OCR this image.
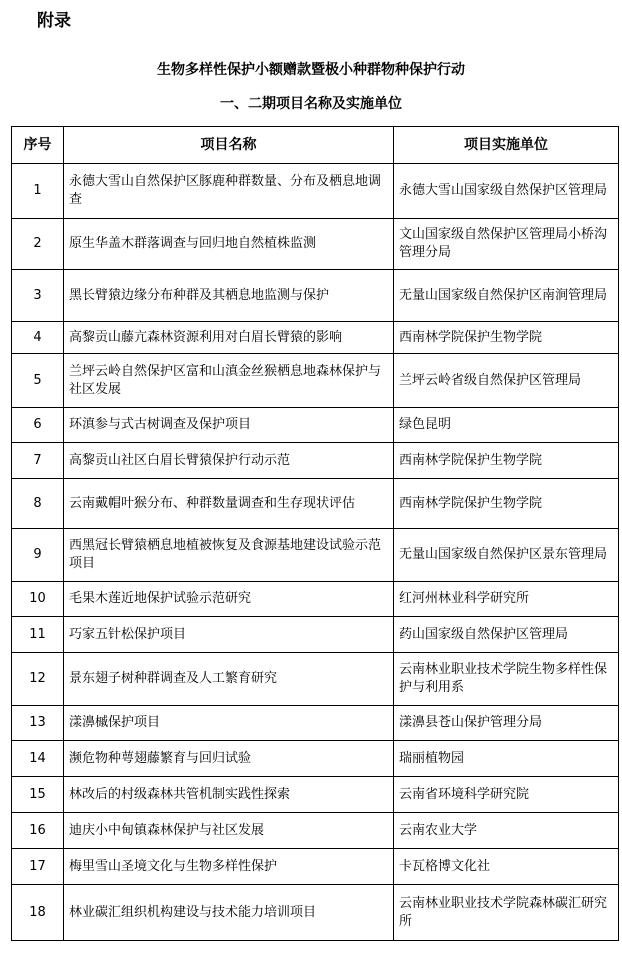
附录
生物多样性保护小额赠款暨极小种群物种保护行动
一、二期项目名称及实施单位
序号	项目名称	项目实施单位
1	永德大雪山自然保护区豚鹿种群数量、分布及栖息地调查	永德大雪山国家级自然保护区管理局
2	原生华盖木群落调查与回归地自然植株监测	文山国家级自然保护区管理局小桥沟管理分局
3	黑长臂猿边缘分布种群及其栖息地监测与保护	无量山国家级自然保护区南涧管理局
4	高黎贡山藤亢森林资源利用对白眉长臂猿的影响	西南林学院保护生物学院
5	兰坪云岭自然保护区富和山滇金丝猴栖息地森林保护与社区发展	兰坪云岭省级自然保护区管理局
6	环滇参与式古树调查及保护项目	绿色昆明
7	高黎贡山社区白眉长臂猿保护行动示范	西南林学院保护生物学院
8	云南戴帽叶猴分布、种群数量调查和生存现状评估	西南林学院保护生物学院
9	西黑冠长臂猿栖息地植被恢复及食源基地建设试验示范项目	无量山国家级自然保护区景东管理局
10	毛果木莲近地保护试验示范研究	红河州林业科学研究所
11	巧家五针松保护项目	药山国家级自然保护区管理局
12	景东翅子树种群调查及人工繁育研究	云南林业职业技术学院生物多样性保护与利用系
13	漾濞槭保护项目	漾濞县苍山保护管理分局
14	濒危物种萼翅藤繁育与回归试验	瑞丽植物园
15	林改后的村级森林共管机制实践性探索	云南省环境科学研究院
16	迪庆小中甸镇森林保护与社区发展	云南农业大学
17	梅里雪山圣境文化与生物多样性保护	卡瓦格博文化社
18	林业碳汇组织机构建设与技术能力培训项目	云南林业职业技术学院森林碳汇研究所
